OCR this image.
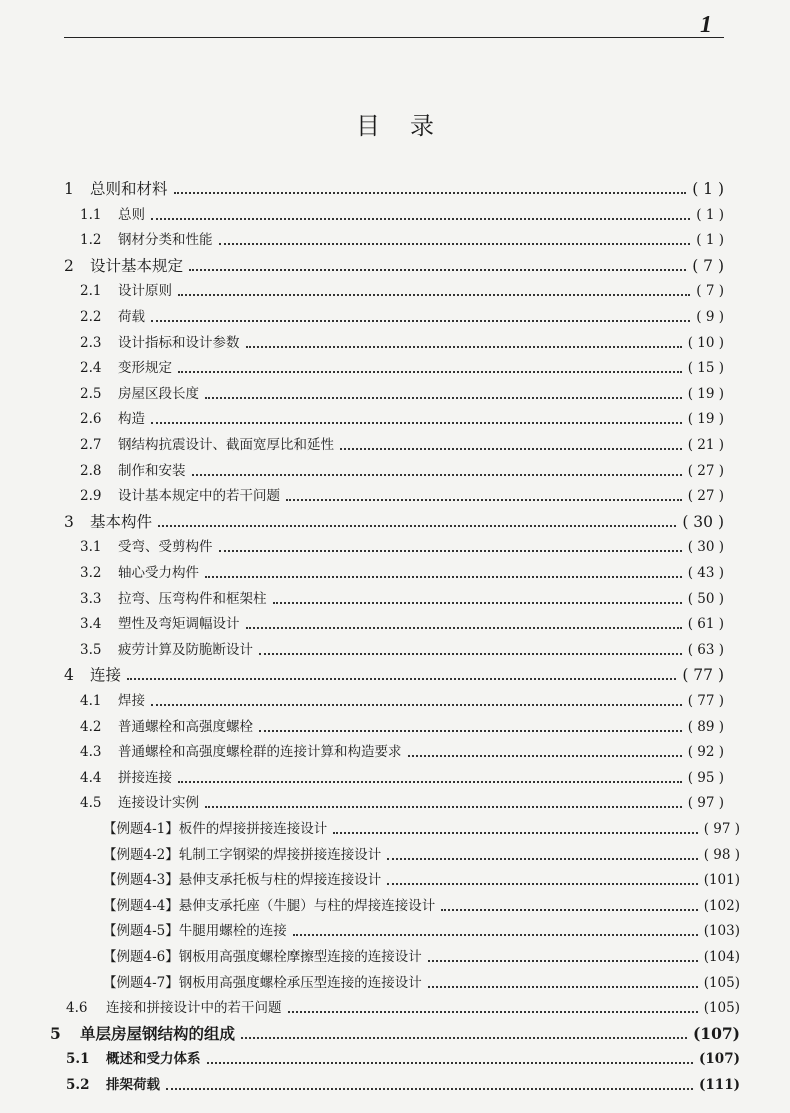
1
目录
1	总则和材料	( 1 )
1.1	总则	( 1 )
1.2	钢材分类和性能	( 1 )
2	设计基本规定	( 7 )
2.1	设计原则	( 7 )
2.2	荷载	( 9 )
2.3	设计指标和设计参数	( 10 )
2.4	变形规定	( 15 )
2.5	房屋区段长度	( 19 )
2.6	构造	( 19 )
2.7	钢结构抗震设计、截面宽厚比和延性	( 21 )
2.8	制作和安装	( 27 )
2.9	设计基本规定中的若干问题	( 27 )
3	基本构件	( 30 )
3.1	受弯、受剪构件	( 30 )
3.2	轴心受力构件	( 43 )
3.3	拉弯、压弯构件和框架柱	( 50 )
3.4	塑性及弯矩调幅设计	( 61 )
3.5	疲劳计算及防脆断设计	( 63 )
4	连接	( 77 )
4.1	焊接	( 77 )
4.2	普通螺栓和高强度螺栓	( 89 )
4.3	普通螺栓和高强度螺栓群的连接计算和构造要求	( 92 )
4.4	拼接连接	( 95 )
4.5	连接设计实例	( 97 )
【例题4-1】板件的焊接拼接连接设计	( 97 )
【例题4-2】轧制工字钢梁的焊接拼接连接设计	( 98 )
【例题4-3】悬伸支承托板与柱的焊接连接设计	(101)
【例题4-4】悬伸支承托座（牛腿）与柱的焊接连接设计	(102)
【例题4-5】牛腿用螺栓的连接	(103)
【例题4-6】钢板用高强度螺栓摩擦型连接的连接设计	(104)
【例题4-7】钢板用高强度螺栓承压型连接的连接设计	(105)
4.6	连接和拼接设计中的若干问题	(105)
5	单层房屋钢结构的组成	(107)
5.1	概述和受力体系	(107)
5.2	排架荷载	(111)
